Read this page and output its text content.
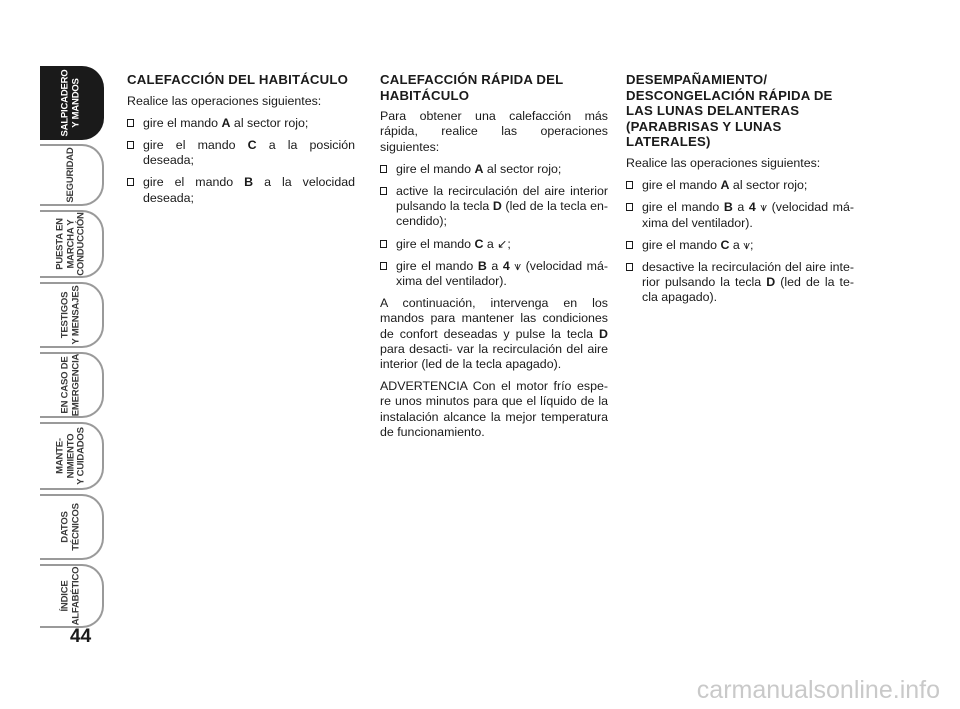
SALPICADERO
Y MANDOS
SEGURIDAD
PUESTA EN
MARCHA Y
CONDUCCIÓN
TESTIGOS
Y MENSAJES
EN CASO DE
EMERGENCIA
MANTE-
NIMIENTO
Y CUIDADOS
DATOS
TÉCNICOS
ÍNDICE
ALFABÉTICO
44
CALEFACCIÓN DEL HABITÁCULO

Realice las operaciones siguientes:

gire el mando A al sector rojo;
gire el mando C a la posición deseada;
gire el mando B a la velocidad deseada;
CALEFACCIÓN RÁPIDA DEL HABITÁCULO

Para obtener una calefacción más rápida, realice las operaciones siguientes:

gire el mando A al sector rojo;
active la recirculación del aire interior pulsando la tecla D (led de la tecla en- cendido);
gire el mando C a ↙;
gire el mando B a 4 ⩛ (velocidad má- xima del ventilador).

A continuación, intervenga en los mandos para mantener las condiciones de confort deseadas y pulse la tecla D para desacti- var la recirculación del aire interior (led de la tecla apagado).

ADVERTENCIA Con el motor frío espe- re unos minutos para que el líquido de la instalación alcance la mejor temperatura de funcionamiento.

DESEMPAÑAMIENTO/ DESCONGELACIÓN RÁPIDA DE LAS LUNAS DELANTERAS (PARABRISAS Y LUNAS LATERALES)

Realice las operaciones siguientes:

gire el mando A al sector rojo;
gire el mando B a 4 ⩛ (velocidad má- xima del ventilador).
gire el mando C a ⩛;
desactive la recirculación del aire inte- rior pulsando la tecla D (led de la te- cla apagado).
carmanualsonline.info
